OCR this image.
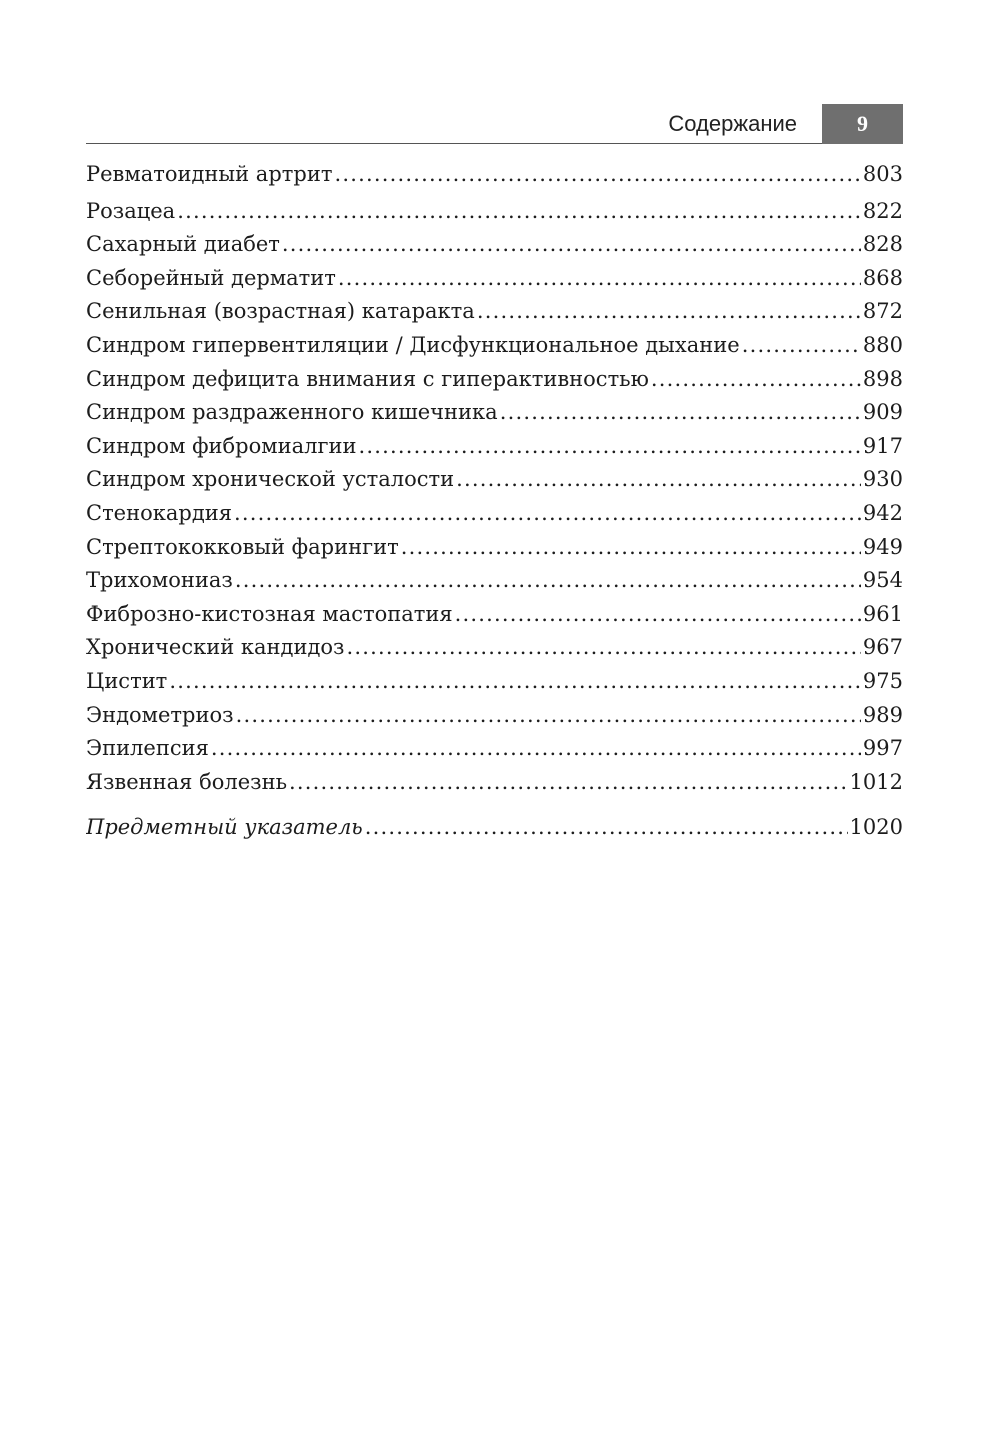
Содержание	9
Ревматоидный артрит .....	803
Розацеа .....	822
Сахарный диабет .....	828
Себорейный дерматит .....	868
Сенильная (возрастная) катаракта .....	872
Синдром гипервентиляции / Дисфункциональное дыхание .....	880
Синдром дефицита внимания с гиперактивностью .....	898
Синдром раздраженного кишечника .....	909
Синдром фибромиалгии .....	917
Синдром хронической усталости .....	930
Стенокардия .....	942
Стрептококковый фарингит .....	949
Трихомониаз .....	954
Фиброзно-кистозная мастопатия .....	961
Хронический кандидоз .....	967
Цистит .....	975
Эндометриоз .....	989
Эпилепсия .....	997
Язвенная болезнь .....	1012
Предметный указатель .....	1020
